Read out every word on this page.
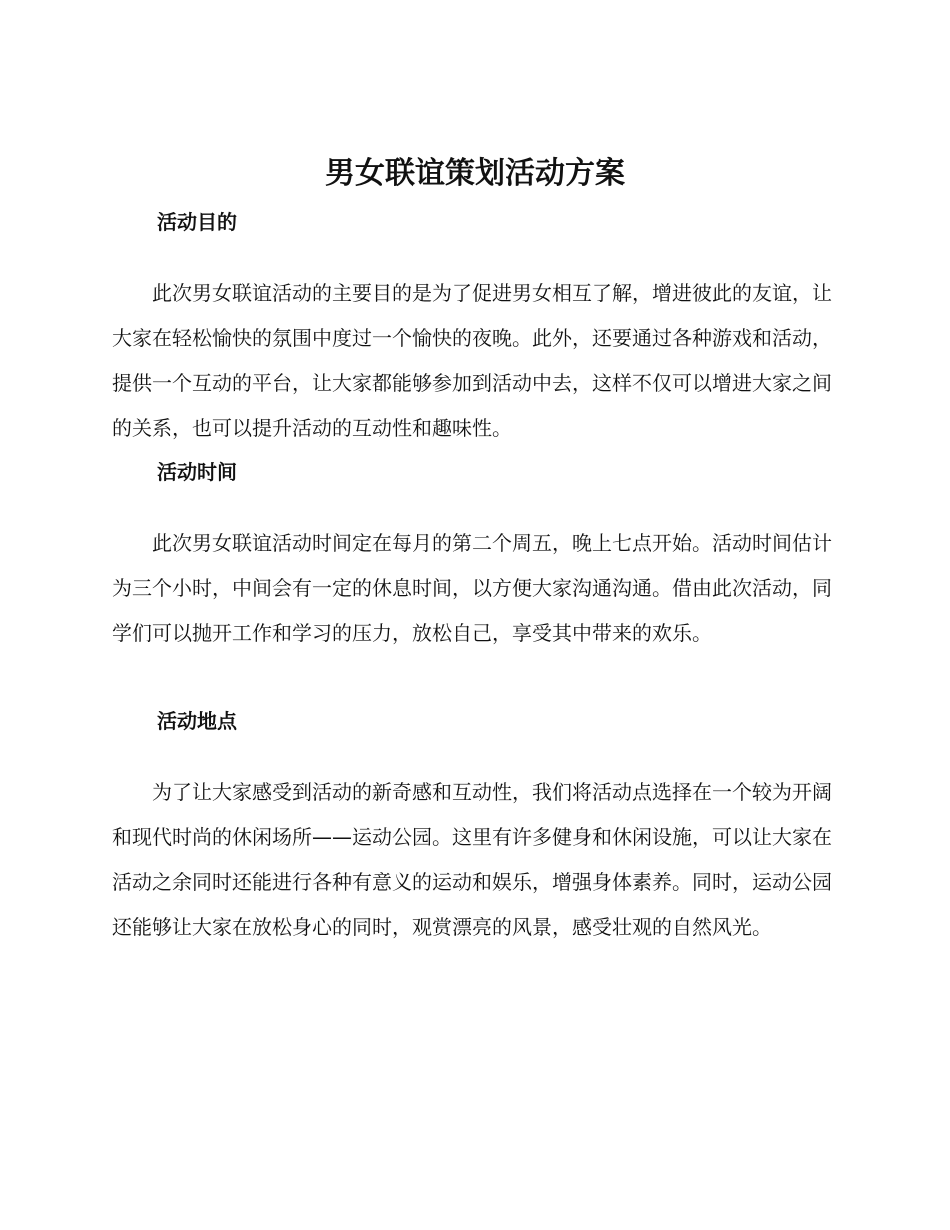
男女联谊策划活动方案
活动目的

此次男女联谊活动的主要目的是为了促进男女相互了解，增进彼此的友谊，让大家在轻松愉快的氛围中度过一个愉快的夜晚。此外，还要通过各种游戏和活动，提供一个互动的平台，让大家都能够参加到活动中去，这样不仅可以增进大家之间的关系，也可以提升活动的互动性和趣味性。

活动时间

此次男女联谊活动时间定在每月的第二个周五，晚上七点开始。活动时间估计为三个小时，中间会有一定的休息时间，以方便大家沟通沟通。借由此次活动，同学们可以抛开工作和学习的压力，放松自己，享受其中带来的欢乐。

活动地点

为了让大家感受到活动的新奇感和互动性，我们将活动点选择在一个较为开阔和现代时尚的休闲场所——运动公园。这里有许多健身和休闲设施，可以让大家在活动之余同时还能进行各种有意义的运动和娱乐，增强身体素养。同时，运动公园还能够让大家在放松身心的同时，观赏漂亮的风景，感受壮观的自然风光。
